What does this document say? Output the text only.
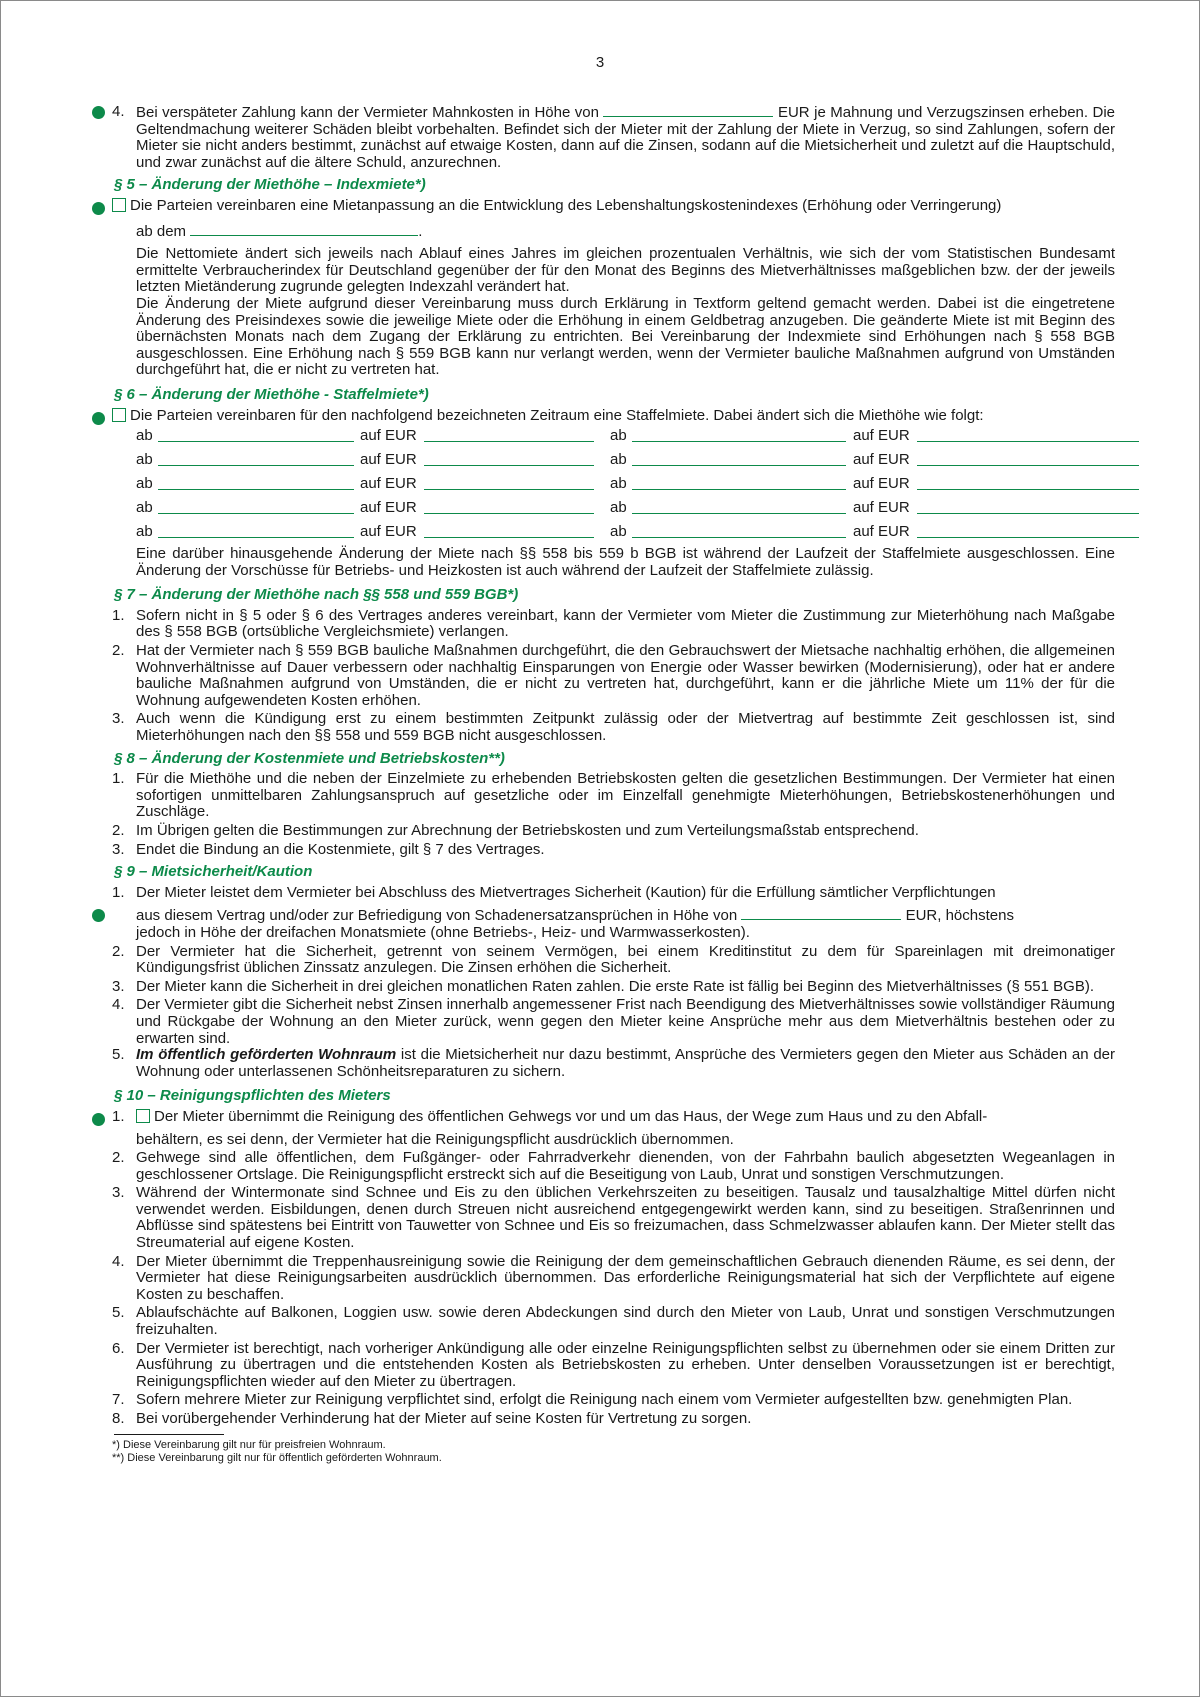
3
4. Bei verspäteter Zahlung kann der Vermieter Mahnkosten in Höhe von	EUR je Mahnung und Verzugszinsen erheben. Die Geltendmachung weiterer Schäden bleibt vorbehalten. Befindet sich der Mieter mit der Zahlung der Miete in Verzug, so sind Zahlungen, sofern der Mieter sie nicht anders bestimmt, zunächst auf etwaige Kosten, dann auf die Zinsen, sodann auf die Mietsicherheit und zuletzt auf die Hauptschuld, und zwar zunächst auf die ältere Schuld, anzurechnen.
§ 5 – Änderung der Miethöhe – Indexmiete*)
Die Parteien vereinbaren eine Mietanpassung an die Entwicklung des Lebenshaltungskostenindexes (Erhöhung oder Verringerung)
ab dem	.
Die Nettomiete ändert sich jeweils nach Ablauf eines Jahres im gleichen prozentualen Verhältnis, wie sich der vom Statistischen Bundesamt ermittelte Verbraucherindex für Deutschland gegenüber der für den Monat des Beginns des Mietverhältnisses maßgeblichen bzw. der der jeweils letzten Mietänderung zugrunde gelegten Indexzahl verändert hat.
Die Änderung der Miete aufgrund dieser Vereinbarung muss durch Erklärung in Textform geltend gemacht werden. Dabei ist die eingetretene Änderung des Preisindexes sowie die jeweilige Miete oder die Erhöhung in einem Geldbetrag anzugeben. Die geänderte Miete ist mit Beginn des übernächsten Monats nach dem Zugang der Erklärung zu entrichten. Bei Vereinbarung der Indexmiete sind Erhöhungen nach § 558 BGB ausgeschlossen. Eine Erhöhung nach § 559 BGB kann nur verlangt werden, wenn der Vermieter bauliche Maßnahmen aufgrund von Umständen durchgeführt hat, die er nicht zu vertreten hat.
§ 6 – Änderung der Miethöhe - Staffelmiete*)
Die Parteien vereinbaren für den nachfolgend bezeichneten Zeitraum eine Staffelmiete. Dabei ändert sich die Miethöhe wie folgt:
ab	auf EUR	ab	auf EUR
ab	auf EUR	ab	auf EUR
ab	auf EUR	ab	auf EUR
ab	auf EUR	ab	auf EUR
ab	auf EUR	ab	auf EUR
Eine darüber hinausgehende Änderung der Miete nach §§ 558 bis 559 b BGB ist während der Laufzeit der Staffelmiete ausgeschlossen. Eine Änderung der Vorschüsse für Betriebs- und Heizkosten ist auch während der Laufzeit der Staffelmiete zulässig.
§ 7 – Änderung der Miethöhe nach §§ 558 und 559 BGB*)
1. Sofern nicht in § 5 oder § 6 des Vertrages anderes vereinbart, kann der Vermieter vom Mieter die Zustimmung zur Mieterhöhung nach Maßgabe des § 558 BGB (ortsübliche Vergleichsmiete) verlangen.
2. Hat der Vermieter nach § 559 BGB bauliche Maßnahmen durchgeführt, die den Gebrauchswert der Mietsache nachhaltig erhöhen, die allgemeinen Wohnverhältnisse auf Dauer verbessern oder nachhaltig Einsparungen von Energie oder Wasser bewirken (Modernisierung), oder hat er andere bauliche Maßnahmen aufgrund von Umständen, die er nicht zu vertreten hat, durchgeführt, kann er die jährliche Miete um 11% der für die Wohnung aufgewendeten Kosten erhöhen.
3. Auch wenn die Kündigung erst zu einem bestimmten Zeitpunkt zulässig oder der Mietvertrag auf bestimmte Zeit geschlossen ist, sind Mieterhöhungen nach den §§ 558 und 559 BGB nicht ausgeschlossen.
§ 8 – Änderung der Kostenmiete und Betriebskosten**)
1. Für die Miethöhe und die neben der Einzelmiete zu erhebenden Betriebskosten gelten die gesetzlichen Bestimmungen. Der Vermieter hat einen sofortigen unmittelbaren Zahlungsanspruch auf gesetzliche oder im Einzelfall genehmigte Mieterhöhungen, Betriebskostenerhöhungen und Zuschläge.
2. Im Übrigen gelten die Bestimmungen zur Abrechnung der Betriebskosten und zum Verteilungsmaßstab entsprechend.
3. Endet die Bindung an die Kostenmiete, gilt § 7 des Vertrages.
§ 9 – Mietsicherheit/Kaution
1. Der Mieter leistet dem Vermieter bei Abschluss des Mietvertrages Sicherheit (Kaution) für die Erfüllung sämtlicher Verpflichtungen
aus diesem Vertrag und/oder zur Befriedigung von Schadenersatzansprüchen in Höhe von	EUR, höchstens
jedoch in Höhe der dreifachen Monatsmiete (ohne Betriebs-, Heiz- und Warmwasserkosten).
2. Der Vermieter hat die Sicherheit, getrennt von seinem Vermögen, bei einem Kreditinstitut zu dem für Spareinlagen mit dreimonatiger Kündigungsfrist üblichen Zinssatz anzulegen. Die Zinsen erhöhen die Sicherheit.
3. Der Mieter kann die Sicherheit in drei gleichen monatlichen Raten zahlen. Die erste Rate ist fällig bei Beginn des Mietverhältnisses (§ 551 BGB).
4. Der Vermieter gibt die Sicherheit nebst Zinsen innerhalb angemessener Frist nach Beendigung des Mietverhältnisses sowie vollständiger Räumung und Rückgabe der Wohnung an den Mieter zurück, wenn gegen den Mieter keine Ansprüche mehr aus dem Mietverhältnis bestehen oder zu erwarten sind.
5. Im öffentlich geförderten Wohnraum ist die Mietsicherheit nur dazu bestimmt, Ansprüche des Vermieters gegen den Mieter aus Schäden an der Wohnung oder unterlassenen Schönheitsreparaturen zu sichern.
§ 10 – Reinigungspflichten des Mieters
1.	Der Mieter übernimmt die Reinigung des öffentlichen Gehwegs vor und um das Haus, der Wege zum Haus und zu den Abfall-
behältern, es sei denn, der Vermieter hat die Reinigungspflicht ausdrücklich übernommen.
2. Gehwege sind alle öffentlichen, dem Fußgänger- oder Fahrradverkehr dienenden, von der Fahrbahn baulich abgesetzten Wegeanlagen in geschlossener Ortslage. Die Reinigungspflicht erstreckt sich auf die Beseitigung von Laub, Unrat und sonstigen Verschmutzungen.
3. Während der Wintermonate sind Schnee und Eis zu den üblichen Verkehrszeiten zu beseitigen. Tausalz und tausalzhaltige Mittel dürfen nicht verwendet werden. Eisbildungen, denen durch Streuen nicht ausreichend entgegengewirkt werden kann, sind zu beseitigen. Straßenrinnen und Abflüsse sind spätestens bei Eintritt von Tauwetter von Schnee und Eis so freizumachen, dass Schmelzwasser ablaufen kann. Der Mieter stellt das Streumaterial auf eigene Kosten.
4. Der Mieter übernimmt die Treppenhausreinigung sowie die Reinigung der dem gemeinschaftlichen Gebrauch dienenden Räume, es sei denn, der Vermieter hat diese Reinigungsarbeiten ausdrücklich übernommen. Das erforderliche Reinigungsmaterial hat sich der Verpflichtete auf eigene Kosten zu beschaffen.
5. Ablaufschächte auf Balkonen, Loggien usw. sowie deren Abdeckungen sind durch den Mieter von Laub, Unrat und sonstigen Verschmutzungen freizuhalten.
6. Der Vermieter ist berechtigt, nach vorheriger Ankündigung alle oder einzelne Reinigungspflichten selbst zu übernehmen oder sie einem Dritten zur Ausführung zu übertragen und die entstehenden Kosten als Betriebskosten zu erheben. Unter denselben Voraussetzungen ist er berechtigt, Reinigungspflichten wieder auf den Mieter zu übertragen.
7. Sofern mehrere Mieter zur Reinigung verpflichtet sind, erfolgt die Reinigung nach einem vom Vermieter aufgestellten bzw. genehmigten Plan.
8. Bei vorübergehender Verhinderung hat der Mieter auf seine Kosten für Vertretung zu sorgen.
*) Diese Vereinbarung gilt nur für preisfreien Wohnraum.
**) Diese Vereinbarung gilt nur für öffentlich geförderten Wohnraum.
